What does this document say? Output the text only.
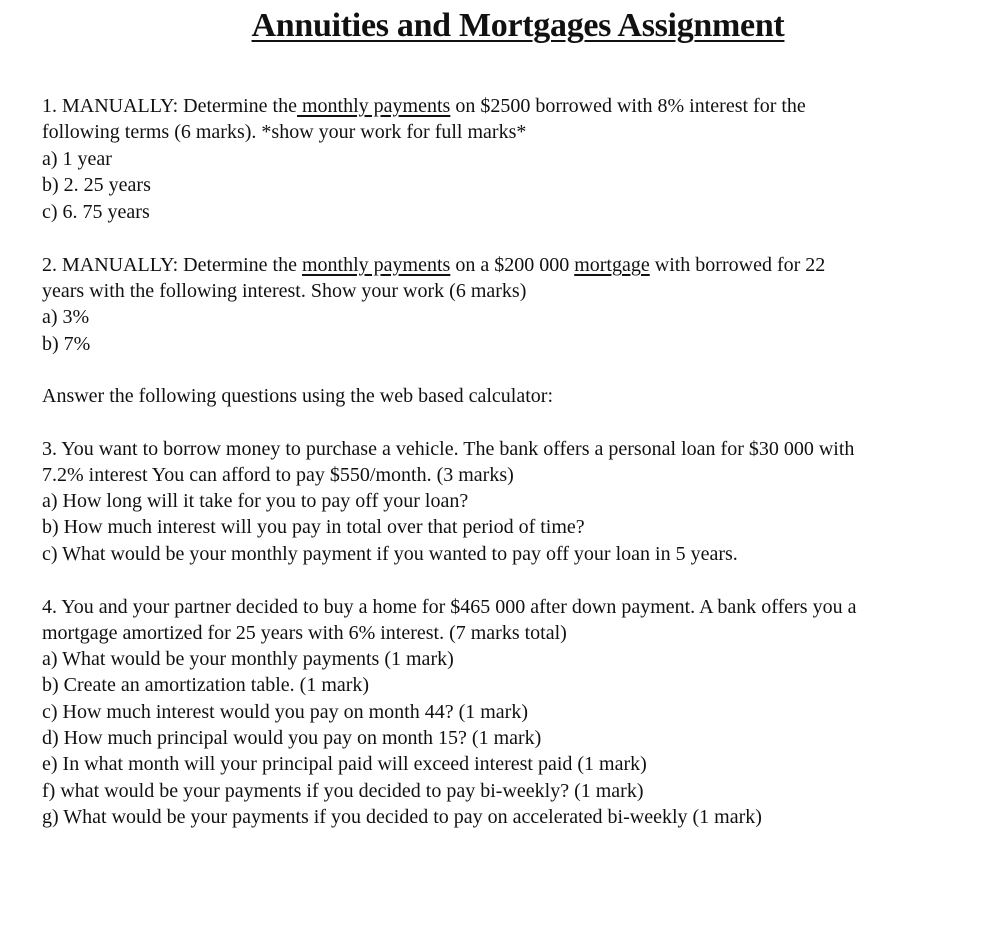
Annuities and Mortgages Assignment
1. MANUALLY: Determine the monthly payments on $2500 borrowed with 8% interest for the
following terms (6 marks). *show your work for full marks*
a) 1 year
b) 2. 25 years
c) 6. 75 years
2. MANUALLY: Determine the monthly payments on a $200 000 mortgage with borrowed for 22
years with the following interest. Show your work (6 marks)
a) 3%
b) 7%
Answer the following questions using the web based calculator:
3. You want to borrow money to purchase a vehicle. The bank offers a personal loan for $30 000 with
7.2% interest You can afford to pay $550/month. (3 marks)
a) How long will it take for you to pay off your loan?
b) How much interest will you pay in total over that period of time?
c) What would be your monthly payment if you wanted to pay off your loan in 5 years.
4. You and your partner decided to buy a home for $465 000 after down payment. A bank offers you a
mortgage amortized for 25 years with 6% interest. (7 marks total)
a) What would be your monthly payments (1 mark)
b) Create an amortization table. (1 mark)
c) How much interest would you pay on month 44? (1 mark)
d) How much principal would you pay on month 15? (1 mark)
e) In what month will your principal paid will exceed interest paid (1 mark)
f) what would be your payments if you decided to pay bi-weekly? (1 mark)
g) What would be your payments if you decided to pay on accelerated bi-weekly (1 mark)
